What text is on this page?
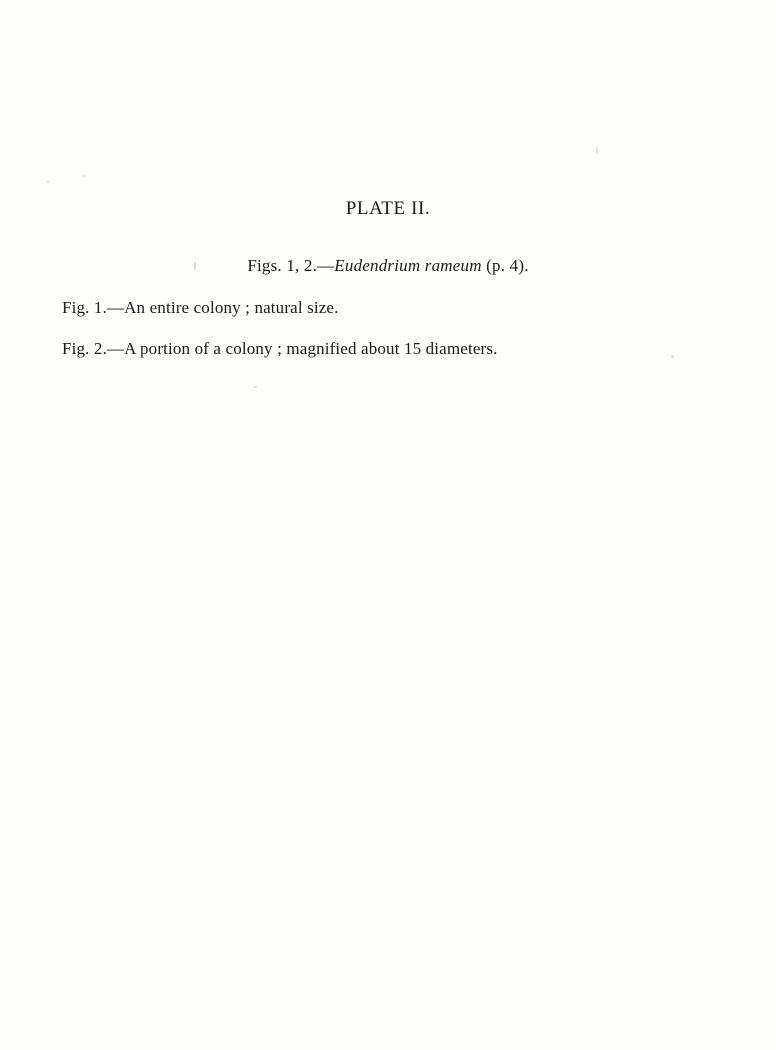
PLATE II.
Figs. 1, 2.—Eudendrium rameum (p. 4).
Fig. 1.—An entire colony ; natural size.
Fig. 2.—A portion of a colony ; magnified about 15 diameters.
